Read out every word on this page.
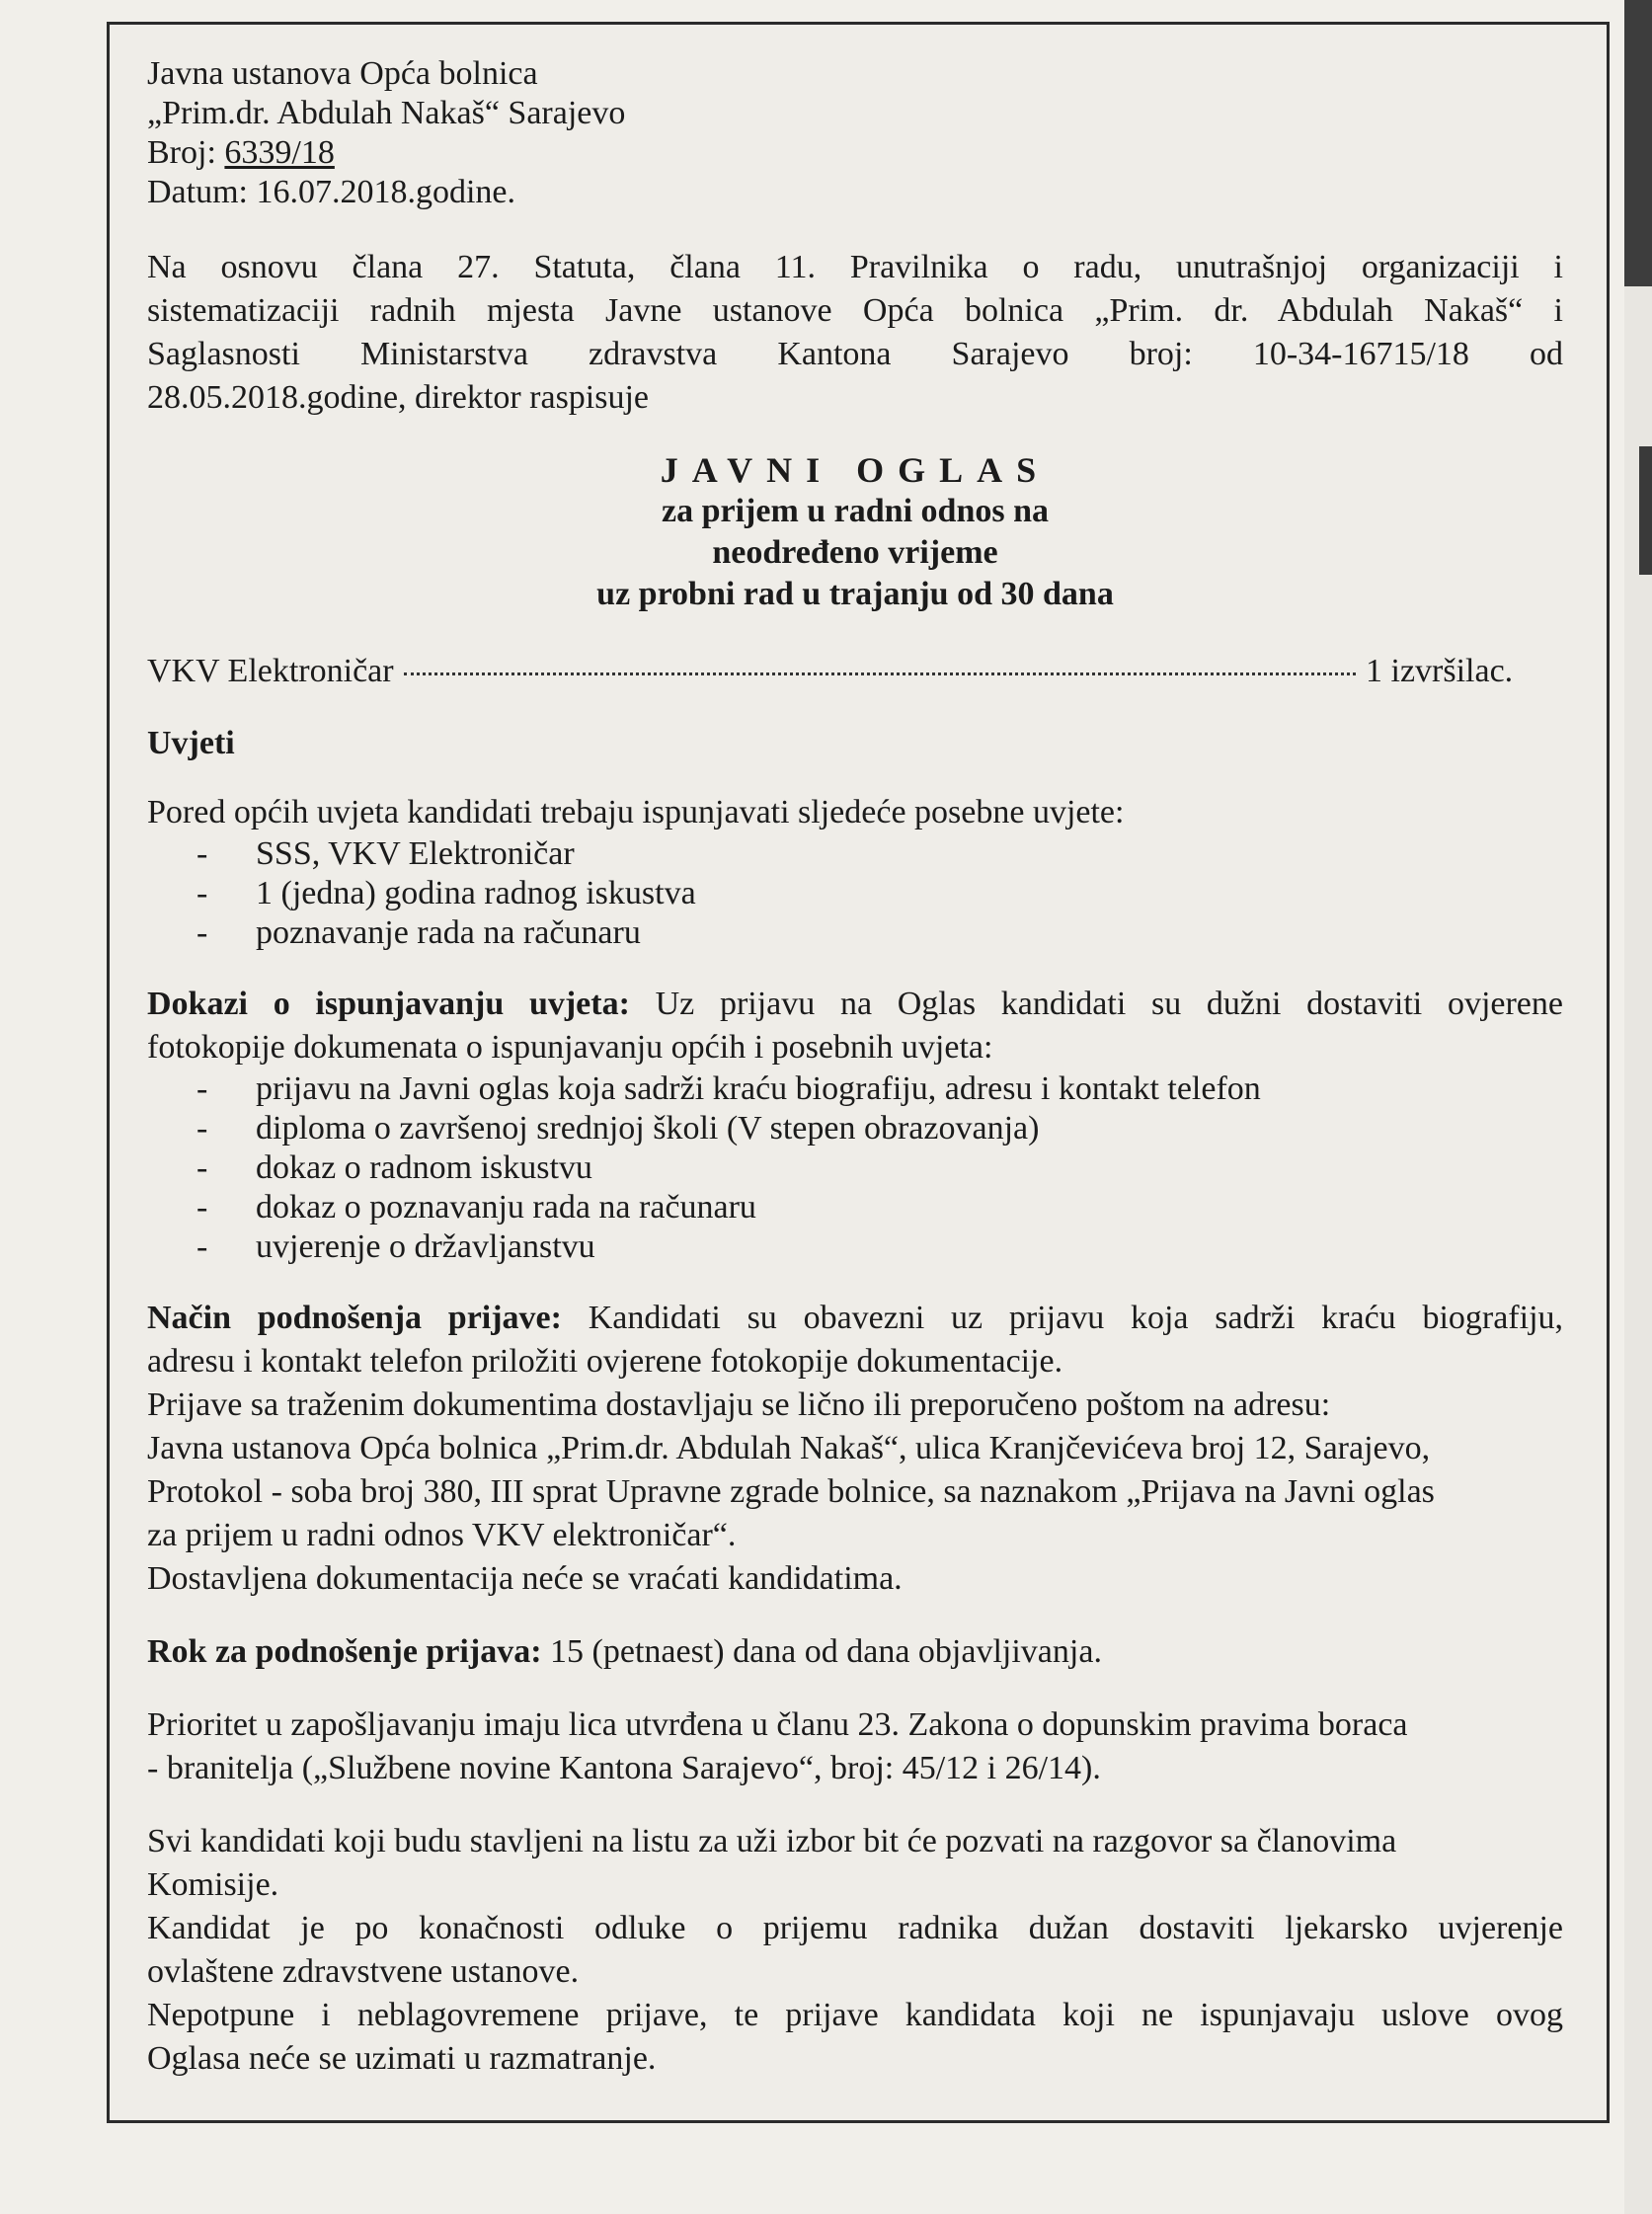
Javna ustanova Opća bolnica

„Prim.dr. Abdulah Nakaš“ Sarajevo

Broj: 6339/18

Datum: 16.07.2018.godine.

Na osnovu člana 27. Statuta, člana 11. Pravilnika o radu, unutrašnjoj organizaciji i

sistematizaciji radnih mjesta Javne ustanove Opća bolnica „Prim. dr. Abdulah Nakaš“ i

Saglasnosti Ministarstva zdravstva Kantona Sarajevo broj: 10-34-16715/18 od

28.05.2018.godine, direktor raspisuje

JAVNI OGLAS
za prijem u radni odnos na
neodređeno vrijeme
uz probni rad u trajanju od 30 dana
VKV Elektroničar	1 izvršilac.

Uvjeti

Pored općih uvjeta kandidati trebaju ispunjavati sljedeće posebne uvjete:

- SSS, VKV Elektroničar
- 1 (jedna) godina radnog iskustva
- poznavanje rada na računaru

Dokazi o ispunjavanju uvjeta: Uz prijavu na Oglas kandidati su dužni dostaviti ovjerene

fotokopije dokumenata o ispunjavanju općih i posebnih uvjeta:

- prijavu na Javni oglas koja sadrži kraću biografiju, adresu i kontakt telefon
- diploma o završenoj srednjoj školi (V stepen obrazovanja)
- dokaz o radnom iskustvu
- dokaz o poznavanju rada na računaru
- uvjerenje o državljanstvu

Način podnošenja prijave: Kandidati su obavezni uz prijavu koja sadrži kraću biografiju,

adresu i kontakt telefon priložiti ovjerene fotokopije dokumentacije.

Prijave sa traženim dokumentima dostavljaju se lično ili preporučeno poštom na adresu:

Javna ustanova Opća bolnica „Prim.dr. Abdulah Nakaš“, ulica Kranjčevićeva broj 12, Sarajevo,

Protokol - soba broj 380, III sprat Upravne zgrade bolnice, sa naznakom „Prijava na Javni oglas

za prijem u radni odnos VKV elektroničar“.

Dostavljena dokumentacija neće se vraćati kandidatima.

Rok za podnošenje prijava: 15 (petnaest) dana od dana objavljivanja.

Prioritet u zapošljavanju imaju lica utvrđena u članu 23. Zakona o dopunskim pravima boraca

- branitelja („Službene novine Kantona Sarajevo“, broj: 45/12 i 26/14).

Svi kandidati koji budu stavljeni na listu za uži izbor bit će pozvati na razgovor sa članovima

Komisije.

Kandidat je po konačnosti odluke o prijemu radnika dužan dostaviti ljekarsko uvjerenje

ovlaštene zdravstvene ustanove.

Nepotpune i neblagovremene prijave, te prijave kandidata koji ne ispunjavaju uslove ovog

Oglasa neće se uzimati u razmatranje.
